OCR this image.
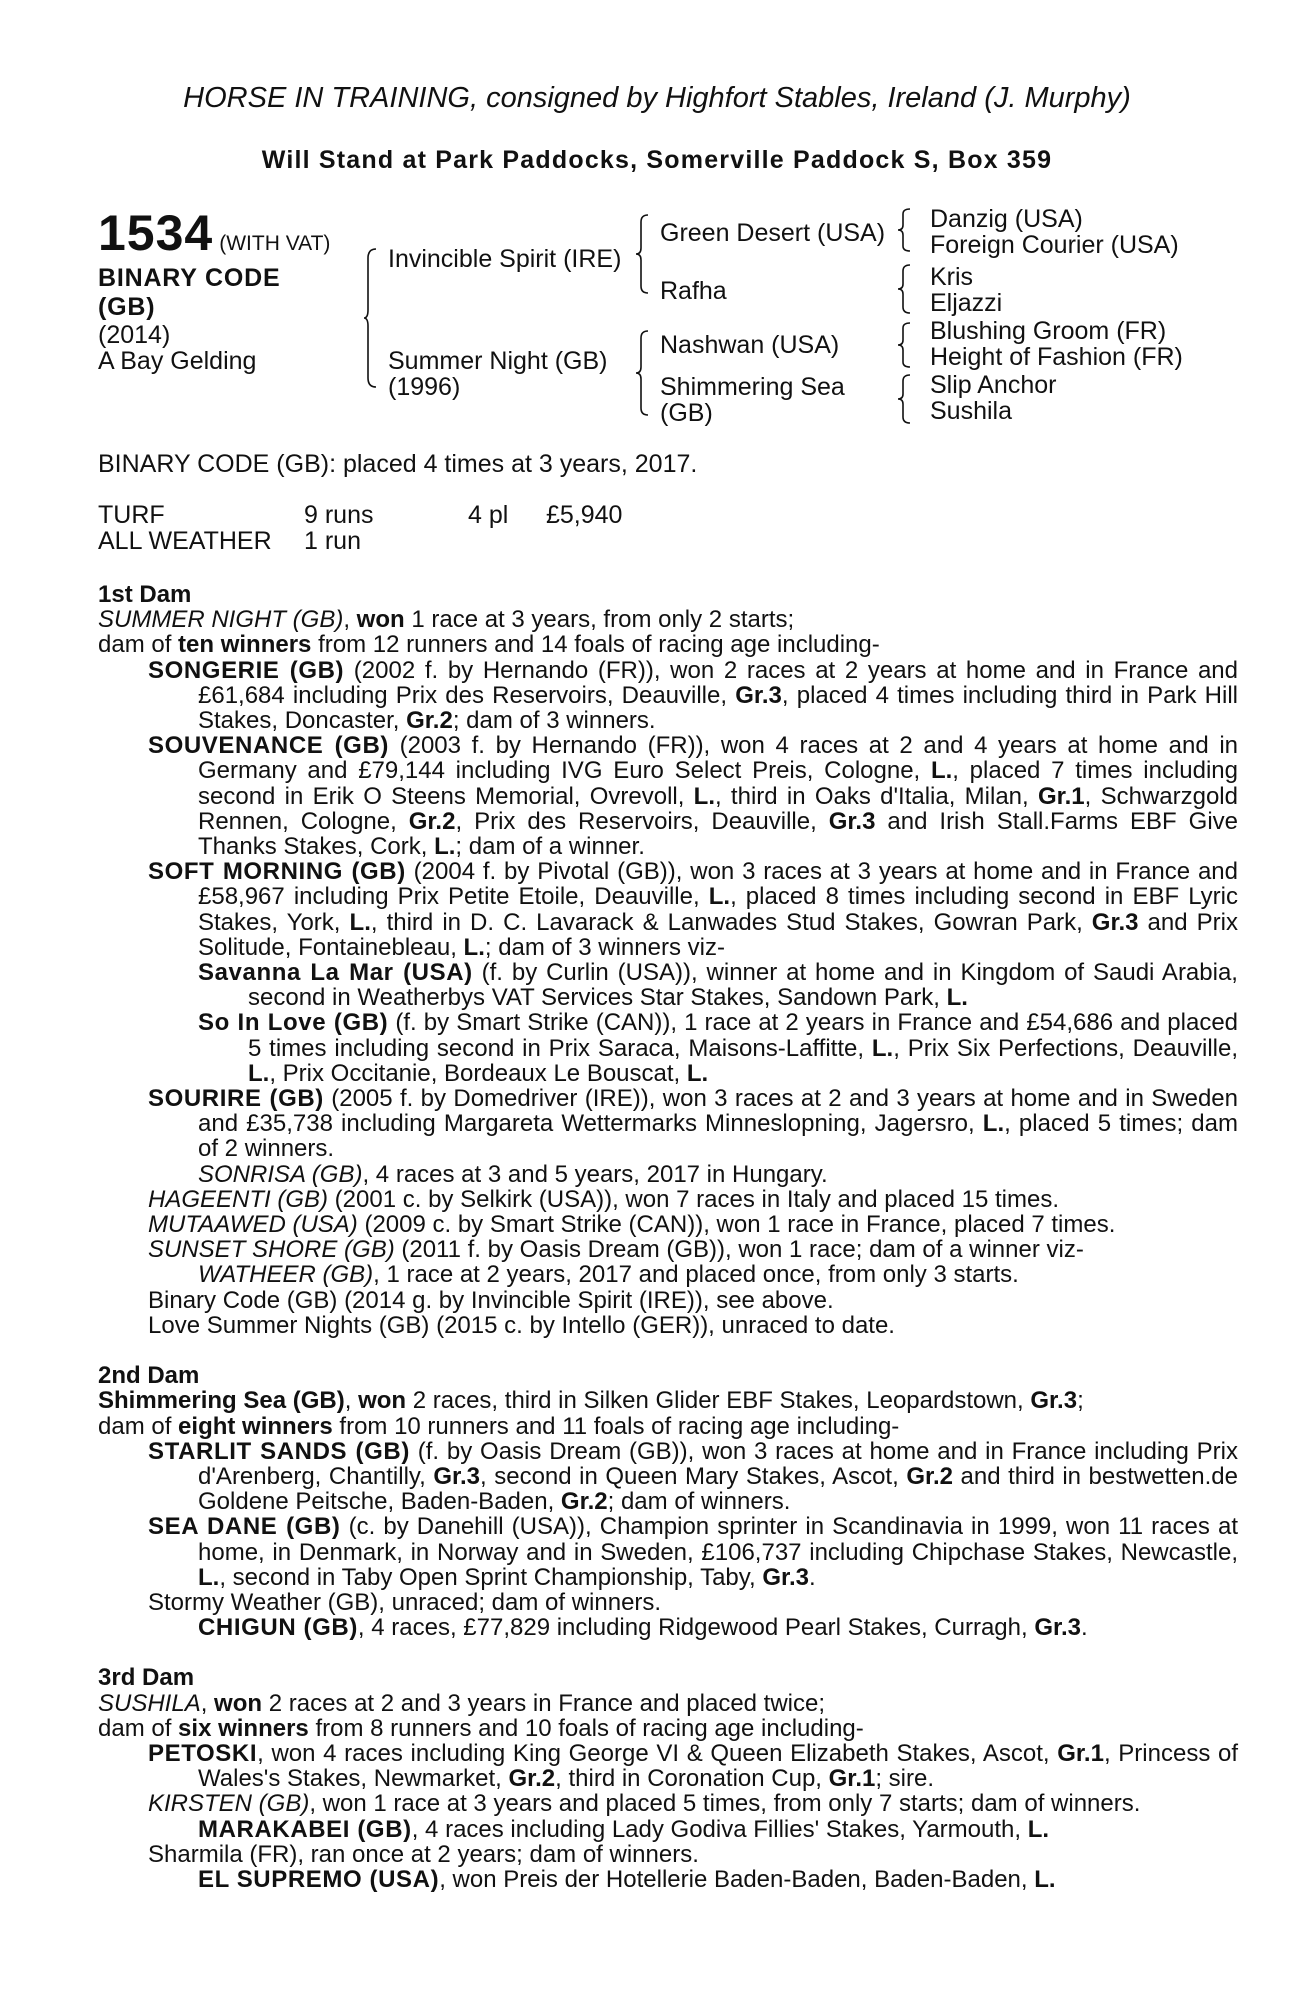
HORSE IN TRAINING, consigned by Highfort Stables, Ireland (J. Murphy)
Will Stand at Park Paddocks, Somerville Paddock S, Box 359
1534 (WITH VAT)
BINARY CODE
(GB)
(2014)
A Bay Gelding
Invincible Spirit (IRE)
Summer Night (GB)
(1996)
Green Desert (USA)
Rafha
Nashwan (USA)
Shimmering Sea
(GB)
Danzig (USA)
Foreign Courier (USA)
Kris
Eljazzi
Blushing Groom (FR)
Height of Fashion (FR)
Slip Anchor
Sushila
BINARY CODE (GB): placed 4 times at 3 years, 2017.
TURF	9 runs	4 pl £5,940
ALL WEATHER 1 run

1st Dam

SUMMER NIGHT (GB), won 1 race at 3 years, from only 2 starts;

dam of ten winners from 12 runners and 14 foals of racing age including-

SONGERIE (GB) (2002 f. by Hernando (FR)), won 2 races at 2 years at home and in France and £61,684 including Prix des Reservoirs, Deauville, Gr.3, placed 4 times including third in Park Hill Stakes, Doncaster, Gr.2; dam of 3 winners.

SOUVENANCE (GB) (2003 f. by Hernando (FR)), won 4 races at 2 and 4 years at home and in Germany and £79,144 including IVG Euro Select Preis, Cologne, L., placed 7 times including second in Erik O Steens Memorial, Ovrevoll, L., third in Oaks d'Italia, Milan, Gr.1, Schwarzgold Rennen, Cologne, Gr.2, Prix des Reservoirs, Deauville, Gr.3 and Irish Stall.Farms EBF Give Thanks Stakes, Cork, L.; dam of a winner.

SOFT MORNING (GB) (2004 f. by Pivotal (GB)), won 3 races at 3 years at home and in France and £58,967 including Prix Petite Etoile, Deauville, L., placed 8 times including second in EBF Lyric Stakes, York, L., third in D. C. Lavarack & Lanwades Stud Stakes, Gowran Park, Gr.3 and Prix Solitude, Fontainebleau, L.; dam of 3 winners viz-

Savanna La Mar (USA) (f. by Curlin (USA)), winner at home and in Kingdom of Saudi Arabia, second in Weatherbys VAT Services Star Stakes, Sandown Park, L.

So In Love (GB) (f. by Smart Strike (CAN)), 1 race at 2 years in France and £54,686 and placed 5 times including second in Prix Saraca, Maisons-Laffitte, L., Prix Six Perfections, Deauville, L., Prix Occitanie, Bordeaux Le Bouscat, L.

SOURIRE (GB) (2005 f. by Domedriver (IRE)), won 3 races at 2 and 3 years at home and in Sweden and £35,738 including Margareta Wettermarks Minneslopning, Jagersro, L., placed 5 times; dam of 2 winners.

SONRISA (GB), 4 races at 3 and 5 years, 2017 in Hungary.

HAGEENTI (GB) (2001 c. by Selkirk (USA)), won 7 races in Italy and placed 15 times.

MUTAAWED (USA) (2009 c. by Smart Strike (CAN)), won 1 race in France, placed 7 times.

SUNSET SHORE (GB) (2011 f. by Oasis Dream (GB)), won 1 race; dam of a winner viz-

WATHEER (GB), 1 race at 2 years, 2017 and placed once, from only 3 starts.

Binary Code (GB) (2014 g. by Invincible Spirit (IRE)), see above.

Love Summer Nights (GB) (2015 c. by Intello (GER)), unraced to date.

2nd Dam

Shimmering Sea (GB), won 2 races, third in Silken Glider EBF Stakes, Leopardstown, Gr.3;

dam of eight winners from 10 runners and 11 foals of racing age including-

STARLIT SANDS (GB) (f. by Oasis Dream (GB)), won 3 races at home and in France including Prix d'Arenberg, Chantilly, Gr.3, second in Queen Mary Stakes, Ascot, Gr.2 and third in bestwetten.de Goldene Peitsche, Baden-Baden, Gr.2; dam of winners.

SEA DANE (GB) (c. by Danehill (USA)), Champion sprinter in Scandinavia in 1999, won 11 races at home, in Denmark, in Norway and in Sweden, £106,737 including Chipchase Stakes, Newcastle, L., second in Taby Open Sprint Championship, Taby, Gr.3.

Stormy Weather (GB), unraced; dam of winners.

CHIGUN (GB), 4 races, £77,829 including Ridgewood Pearl Stakes, Curragh, Gr.3.

3rd Dam

SUSHILA, won 2 races at 2 and 3 years in France and placed twice;

dam of six winners from 8 runners and 10 foals of racing age including-

PETOSKI, won 4 races including King George VI & Queen Elizabeth Stakes, Ascot, Gr.1, Princess of Wales's Stakes, Newmarket, Gr.2, third in Coronation Cup, Gr.1; sire.

KIRSTEN (GB), won 1 race at 3 years and placed 5 times, from only 7 starts; dam of winners.

MARAKABEI (GB), 4 races including Lady Godiva Fillies' Stakes, Yarmouth, L.

Sharmila (FR), ran once at 2 years; dam of winners.

EL SUPREMO (USA), won Preis der Hotellerie Baden-Baden, Baden-Baden, L.
